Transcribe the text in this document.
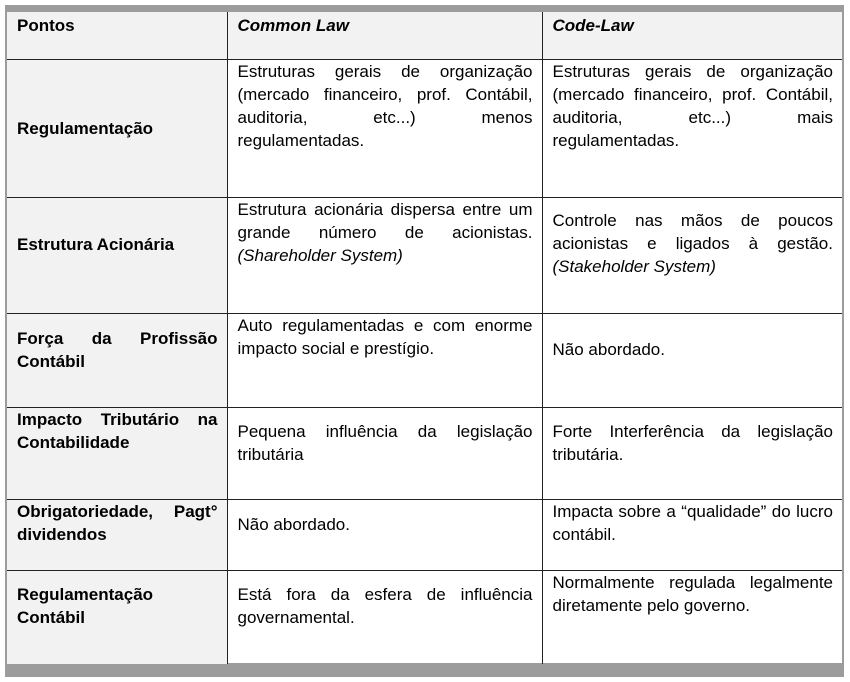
Pontos	Common Law	Code-Law
Regulamentação	Estruturas gerais de organização (mercado financeiro, prof. Contábil, auditoria, etc...) menos regulamentadas.	Estruturas gerais de organização (mercado financeiro, prof. Contábil, auditoria, etc...) mais regulamentadas.
Estrutura Acionária	Estrutura acionária dispersa entre um grande número de acionistas. (Shareholder System)	Controle nas mãos de poucos acionistas e ligados à gestão. (Stakeholder System)
Força da Profissão Contábil	Auto regulamentadas e com enorme impacto social e prestígio.	Não abordado.
Impacto Tributário na Contabilidade	Pequena influência da legislação tributária	Forte Interferência da legislação tributária.
Obrigatoriedade, Pagt° dividendos	Não abordado.	Impacta sobre a “qualidade” do lucro contábil.
Regulamentação Contábil	Está fora da esfera de influência governamental.	Normalmente regulada legalmente diretamente pelo governo.
